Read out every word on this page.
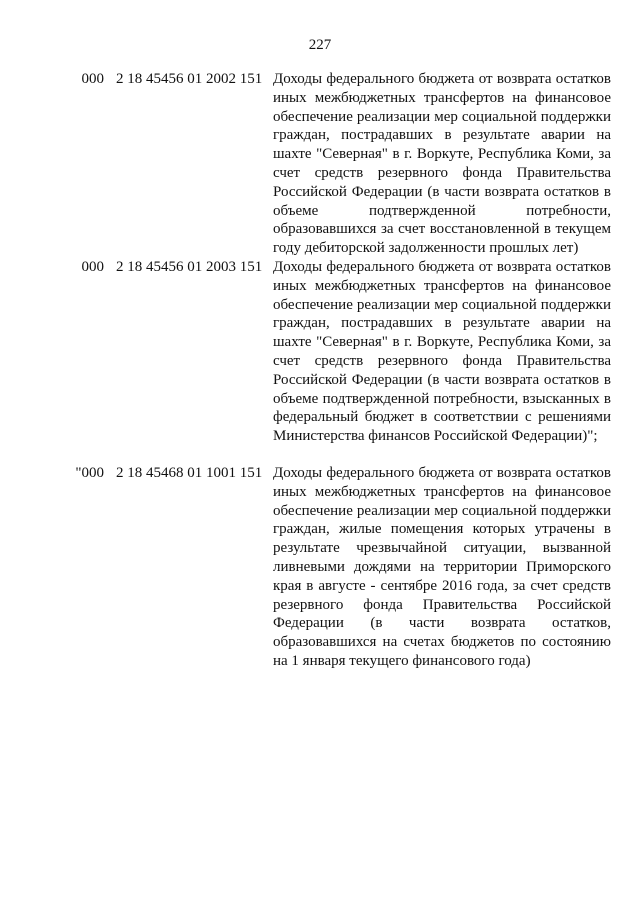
227
000 2 18 45456 01 2002 151 Доходы федерального бюджета от возврата остатков иных межбюджетных трансфертов на финансовое обеспечение реализации мер социальной поддержки граждан, пострадавших в результате аварии на шахте "Северная" в г. Воркуте, Республика Коми, за счет средств резервного фонда Правительства Российской Федерации (в части возврата остатков в объеме подтвержденной потребности, образовавшихся за счет восстановленной в текущем году дебиторской задолженности прошлых лет)
000 2 18 45456 01 2003 151 Доходы федерального бюджета от возврата остатков иных межбюджетных трансфертов на финансовое обеспечение реализации мер социальной поддержки граждан, пострадавших в результате аварии на шахте "Северная" в г. Воркуте, Республика Коми, за счет средств резервного фонда Правительства Российской Федерации (в части возврата остатков в объеме подтвержденной потребности, взысканных в федеральный бюджет в соответствии с решениями Министерства финансов Российской Федерации)";
"000 2 18 45468 01 1001 151 Доходы федерального бюджета от возврата остатков иных межбюджетных трансфертов на финансовое обеспечение реализации мер социальной поддержки граждан, жилые помещения которых утрачены в результате чрезвычайной ситуации, вызванной ливневыми дождями на территории Приморского края в августе - сентябре 2016 года, за счет средств резервного фонда Правительства Российской Федерации (в части возврата остатков, образовавшихся на счетах бюджетов по состоянию на 1 января текущего финансового года)
